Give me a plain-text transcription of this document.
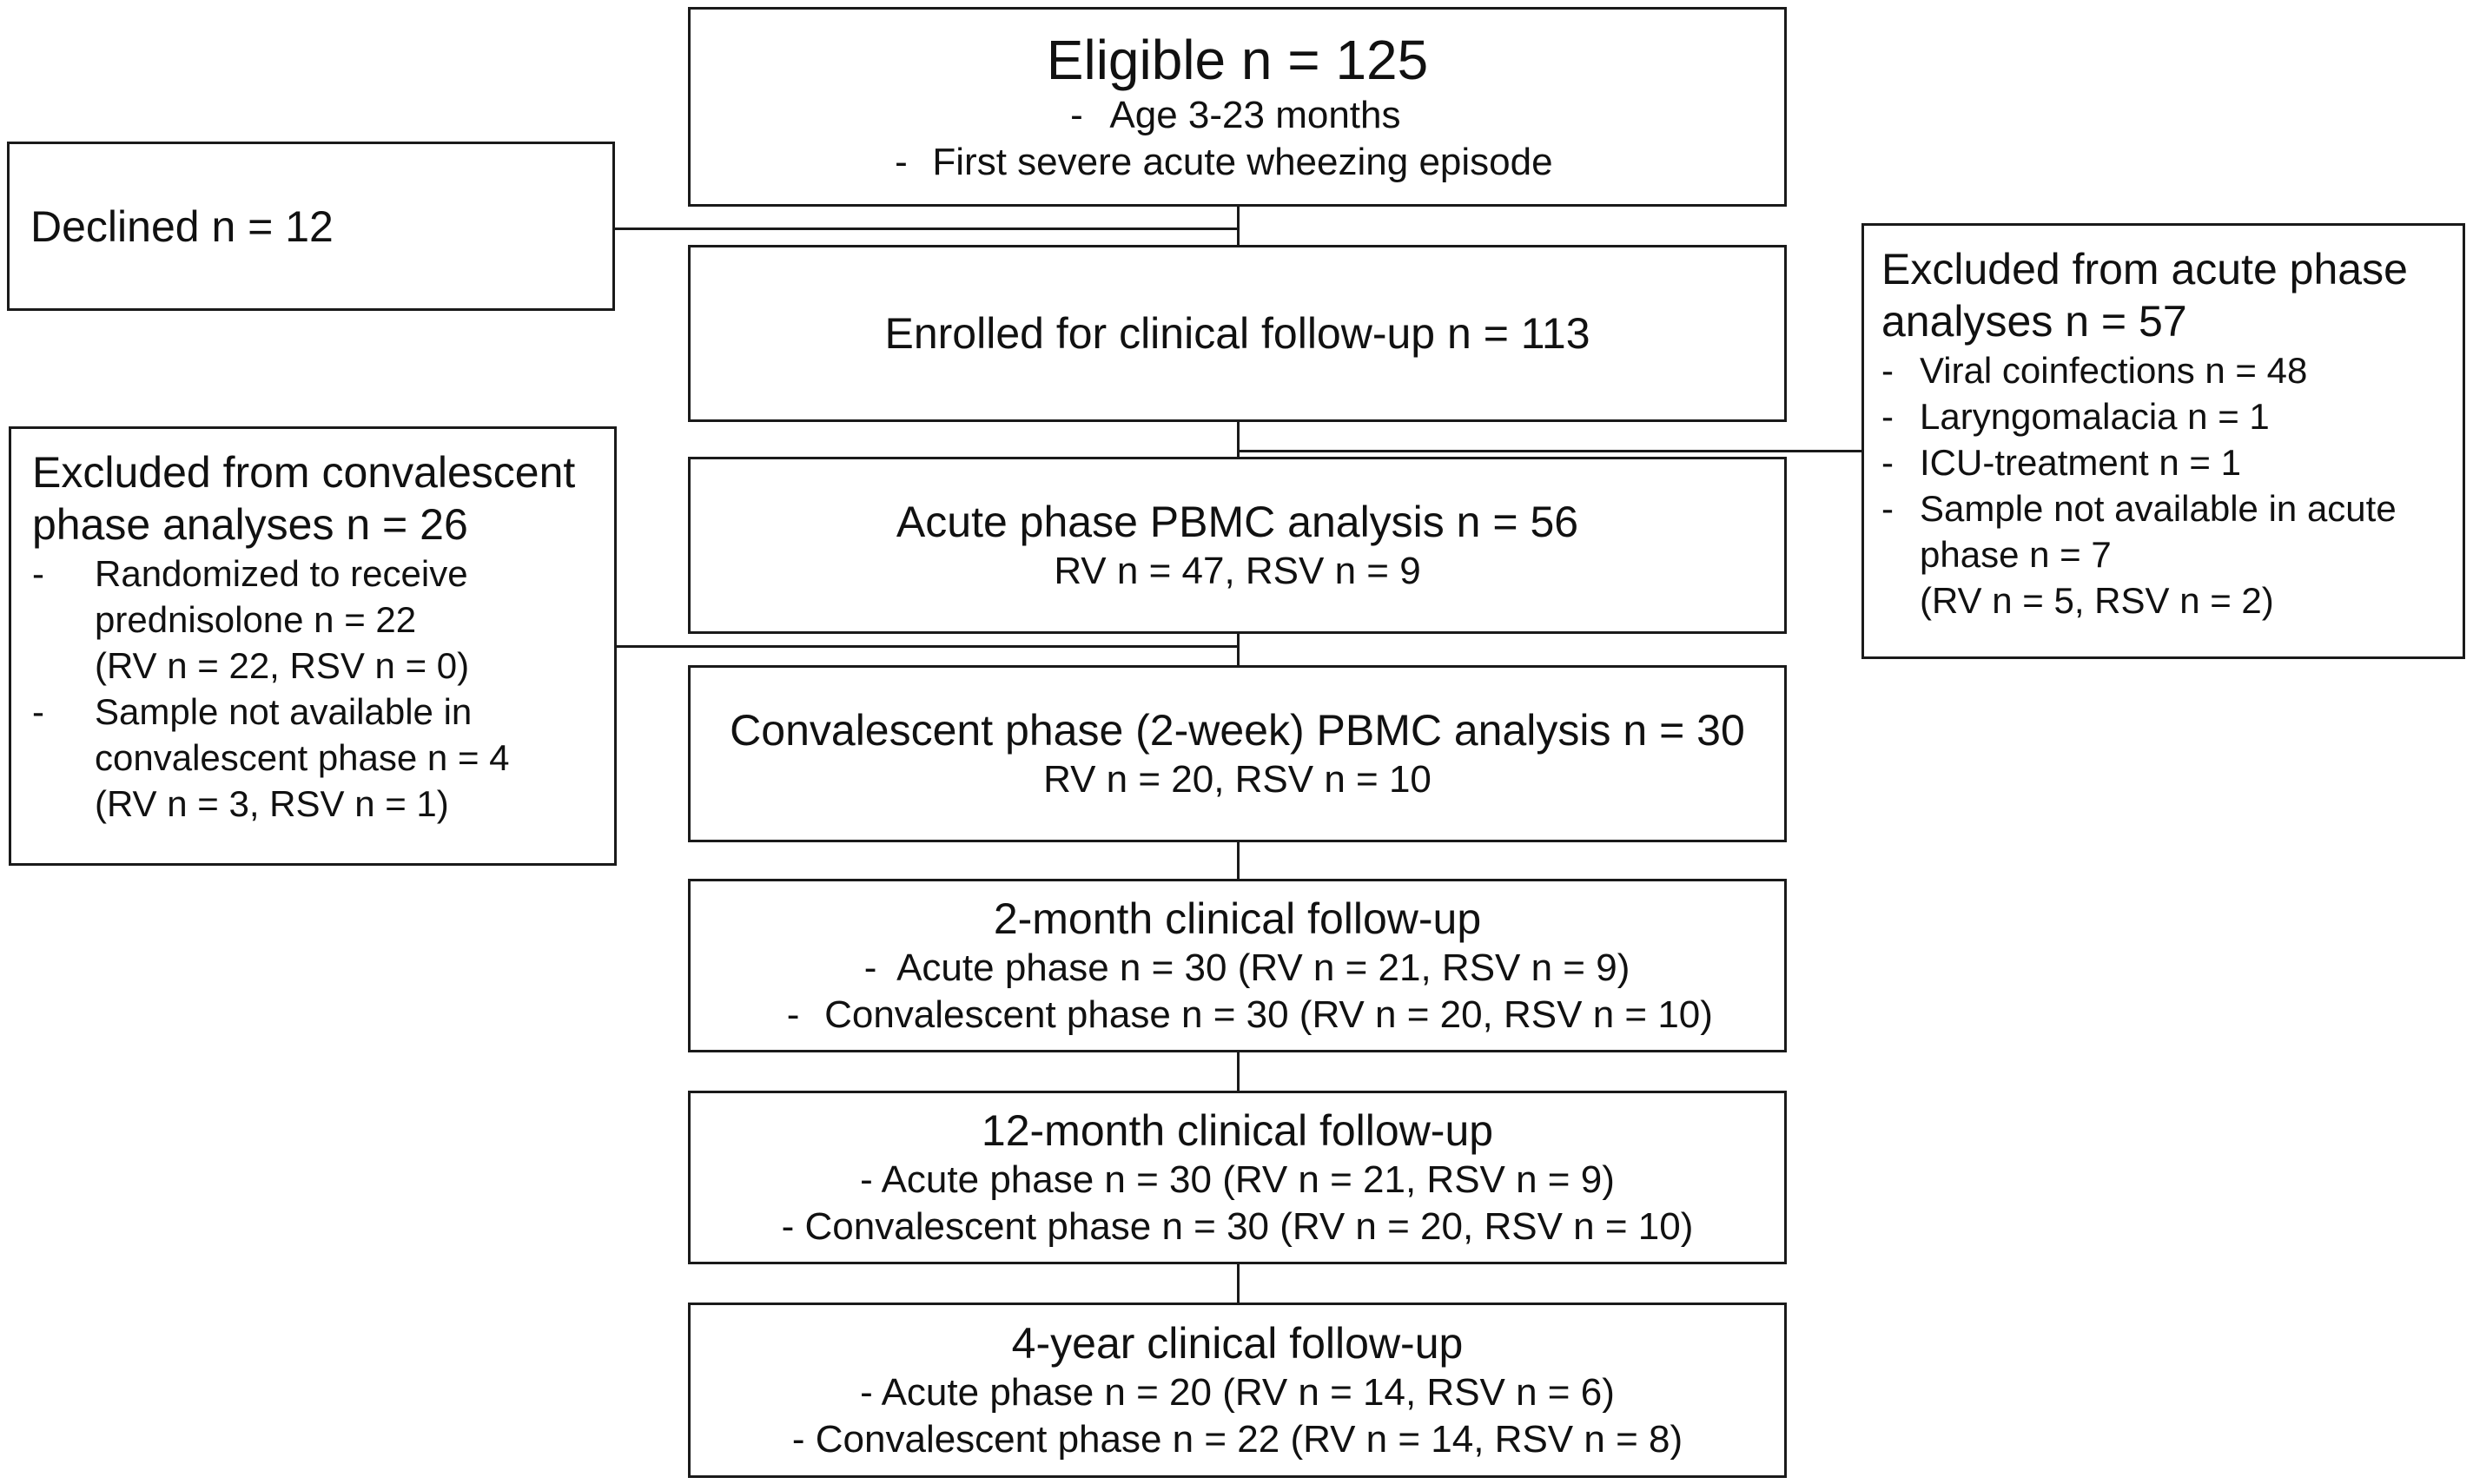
Eligible n = 125
- Age 3-23 months
- First severe acute wheezing episode
Declined n = 12
Enrolled for clinical follow-up n = 113
Excluded from acute phase
analyses n = 57
- Viral coinfections n = 48
- Laryngomalacia n = 1
- ICU-treatment n = 1
- Sample not available in acute
phase n = 7
(RV n = 5, RSV n = 2)
Excluded from convalescent
phase analyses n = 26
-	Randomized to receive
prednisolone n = 22
(RV n = 22, RSV n = 0)
-	Sample not available in
convalescent phase n = 4
(RV n = 3, RSV n = 1)
Acute phase PBMC analysis n = 56
RV n = 47, RSV n = 9
Convalescent phase (2-week) PBMC analysis n = 30
RV n = 20, RSV n = 10
2-month clinical follow-up
- Acute phase n = 30 (RV n = 21, RSV n = 9)
- Convalescent phase n = 30 (RV n = 20, RSV n = 10)
12-month clinical follow-up
- Acute phase n = 30 (RV n = 21, RSV n = 9)
- Convalescent phase n = 30 (RV n = 20, RSV n = 10)
4-year clinical follow-up
- Acute phase n = 20 (RV n = 14, RSV n = 6)
- Convalescent phase n = 22 (RV n = 14, RSV n = 8)
